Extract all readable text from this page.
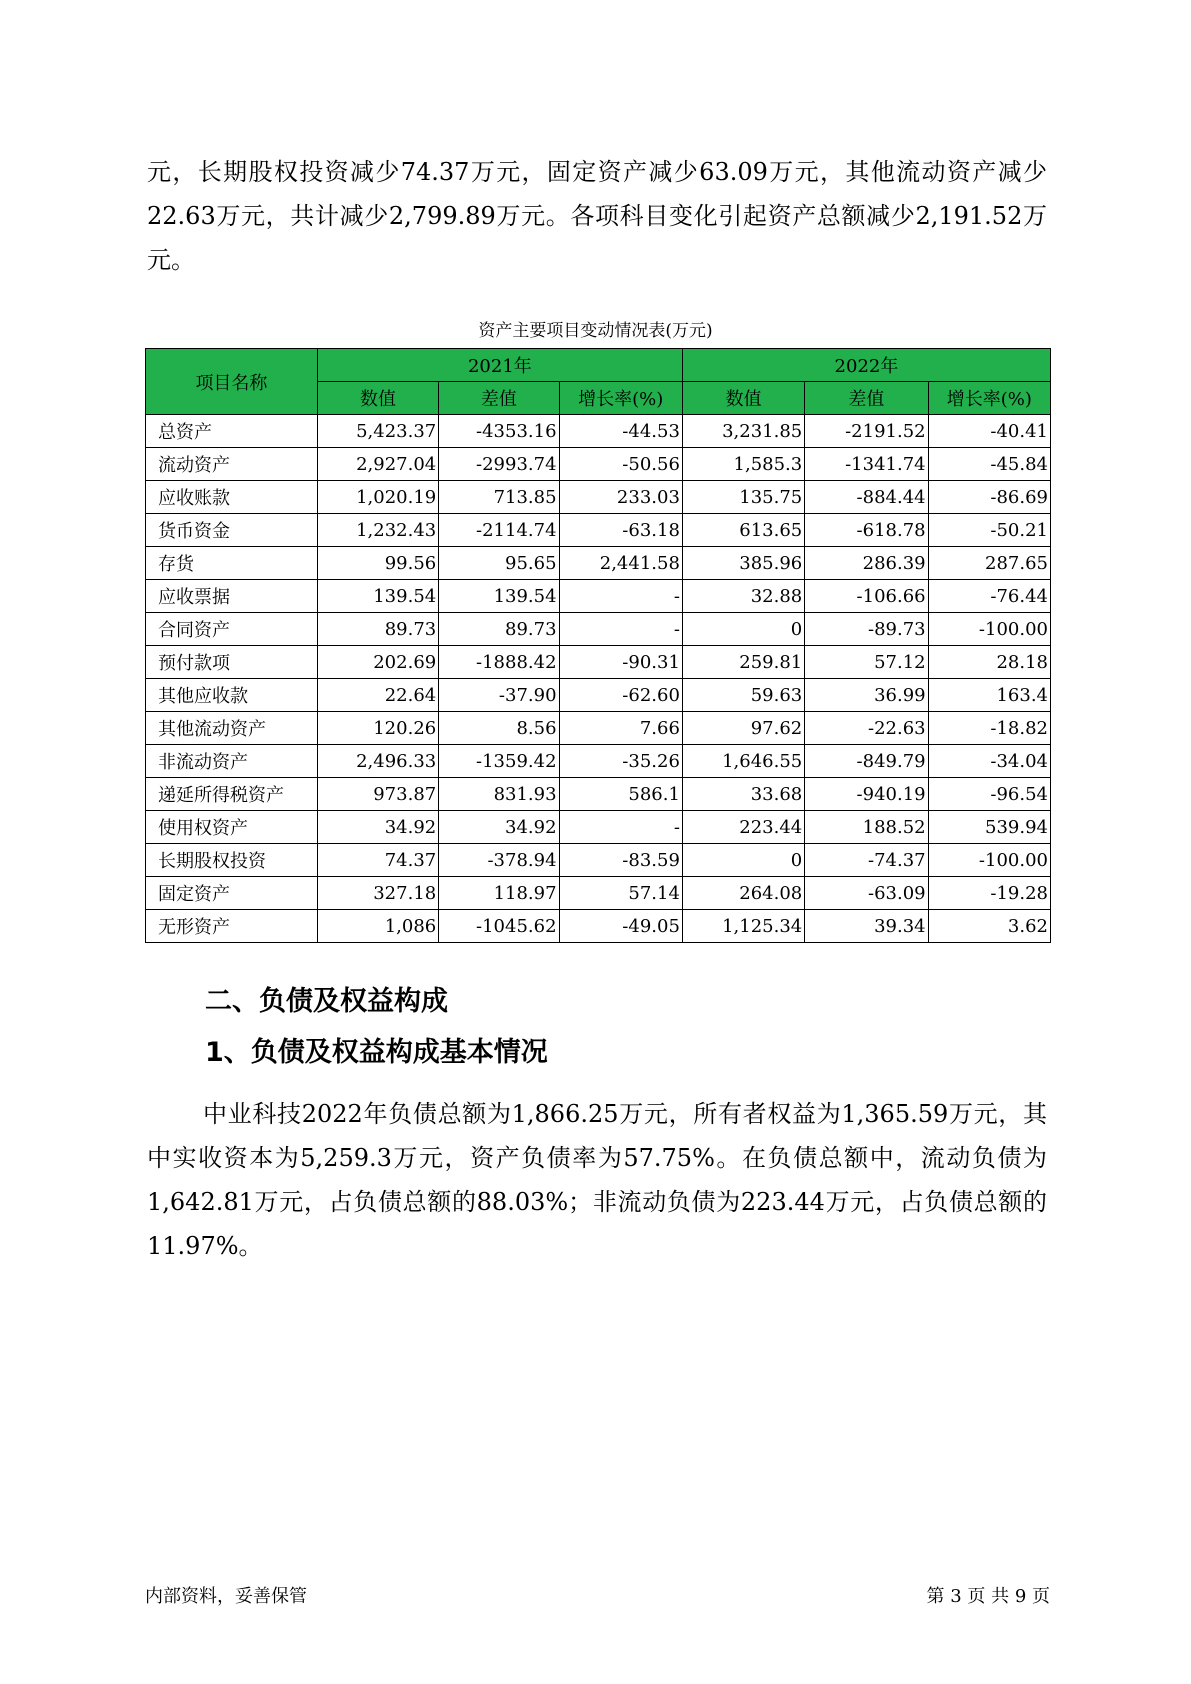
元，长期股权投资减少74.37万元，固定资产减少63.09万元，其他流动资产减少22.63万元，共计减少2,799.89万元。各项科目变化引起资产总额减少2,191.52万元。

资产主要项目变动情况表(万元)
项目名称	2021年			2022年		
	数值	差值	增长率(%)	数值	差值	增长率(%)
总资产	5,423.37	-4353.16	-44.53	3,231.85	-2191.52	-40.41
流动资产	2,927.04	-2993.74	-50.56	1,585.3	-1341.74	-45.84
应收账款	1,020.19	713.85	233.03	135.75	-884.44	-86.69
货币资金	1,232.43	-2114.74	-63.18	613.65	-618.78	-50.21
存货	99.56	95.65	2,441.58	385.96	286.39	287.65
应收票据	139.54	139.54	-	32.88	-106.66	-76.44
合同资产	89.73	89.73	-	0	-89.73	-100.00
预付款项	202.69	-1888.42	-90.31	259.81	57.12	28.18
其他应收款	22.64	-37.90	-62.60	59.63	36.99	163.4
其他流动资产	120.26	8.56	7.66	97.62	-22.63	-18.82
非流动资产	2,496.33	-1359.42	-35.26	1,646.55	-849.79	-34.04
递延所得税资产	973.87	831.93	586.1	33.68	-940.19	-96.54
使用权资产	34.92	34.92	-	223.44	188.52	539.94
长期股权投资	74.37	-378.94	-83.59	0	-74.37	-100.00
固定资产	327.18	118.97	57.14	264.08	-63.09	-19.28
无形资产	1,086	-1045.62	-49.05	1,125.34	39.34	3.62
二、负债及权益构成
1、负债及权益构成基本情况

中业科技2022年负债总额为1,866.25万元，所有者权益为1,365.59万元，其中实收资本为5,259.3万元，资产负债率为57.75%。在负债总额中，流动负债为1,642.81万元，占负债总额的88.03%；非流动负债为223.44万元，占负债总额的11.97%。

内部资料，妥善保管	第 3 页 共 9 页
